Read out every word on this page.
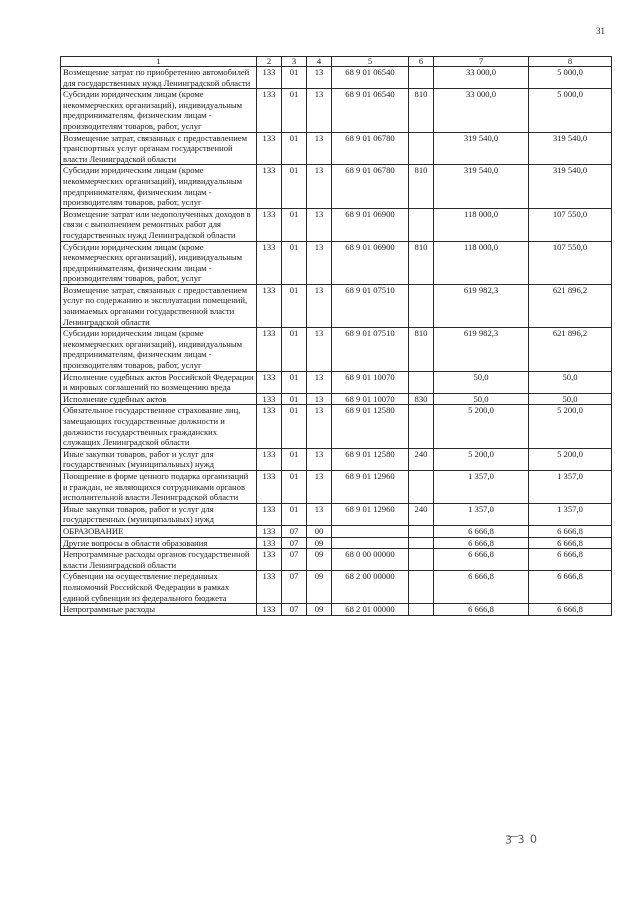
31
1	2	3	4	5	6	7	8
Возмещение затрат по приобретению автомобилей для государственных нужд Ленинградской области	133	01	13	68 9 01 06540		33 000,0	5 000,0
Субсидии юридическим лицам (кроме некоммерческих организаций), индивидуальным предпринимателям, физическим лицам - производителям товаров, работ, услуг	133	01	13	68 9 01 06540	810	33 000,0	5 000,0
Возмещение затрат, связанных с предоставлением транспортных услуг органам государственной власти Ленинградской области	133	01	13	68 9 01 06780		319 540,0	319 540,0
Субсидии юридическим лицам (кроме некоммерческих организаций), индивидуальным предпринимателям, физическим лицам - производителям товаров, работ, услуг	133	01	13	68 9 01 06780	810	319 540,0	319 540,0
Возмещение затрат или недополученных доходов в связи с выполнением ремонтных работ для государственных нужд Ленинградской области	133	01	13	68 9 01 06900		118 000,0	107 550,0
Субсидии юридическим лицам (кроме некоммерческих организаций), индивидуальным предпринимателям, физическим лицам - производителям товаров, работ, услуг	133	01	13	68 9 01 06900	810	118 000,0	107 550,0
Возмещение затрат, связанных с предоставлением услуг по содержанию и эксплуатации помещений, занимаемых органами государственной власти Ленинградской области	133	01	13	68 9 01 07510		619 982,3	621 896,2
Субсидии юридическим лицам (кроме некоммерческих организаций), индивидуальным предпринимателям, физическим лицам - производителям товаров, работ, услуг	133	01	13	68 9 01 07510	810	619 982,3	621 896,2
Исполнение судебных актов Российской Федерации и мировых соглашений по возмещению вреда	133	01	13	68 9 01 10070		50,0	50,0
Исполнение судебных актов	133	01	13	68 9 01 10070	830	50,0	50,0
Обязательное государственное страхование лиц, замещающих государственные должности и должности государственных гражданских служащих Ленинградской области	133	01	13	68 9 01 12580		5 200,0	5 200,0
Иные закупки товаров, работ и услуг для государственных (муниципальных) нужд	133	01	13	68 9 01 12580	240	5 200,0	5 200,0
Поощрение в форме ценного подарка организаций и граждан, не являющихся сотрудниками органов исполнительной власти Ленинградской области	133	01	13	68 9 01 12960		1 357,0	1 357,0
Иные закупки товаров, работ и услуг для государственных (муниципальных) нужд	133	01	13	68 9 01 12960	240	1 357,0	1 357,0
ОБРАЗОВАНИЕ	133	07	00			6 666,8	6 666,8
Другие вопросы в области образования	133	07	09			6 666,8	6 666,8
Непрограммные расходы органов государственной власти Ленинградской области	133	07	09	68 0 00 00000		6 666,8	6 666,8
Субвенции на осуществление переданных полномочий Российской Федерации в рамках единой субвенции из федерального бюджета	133	07	09	68 2 00 00000		6 666,8	6 666,8
Непрограммные расходы	133	07	09	68 2 01 00000		6 666,8	6 666,8
3 3 0
